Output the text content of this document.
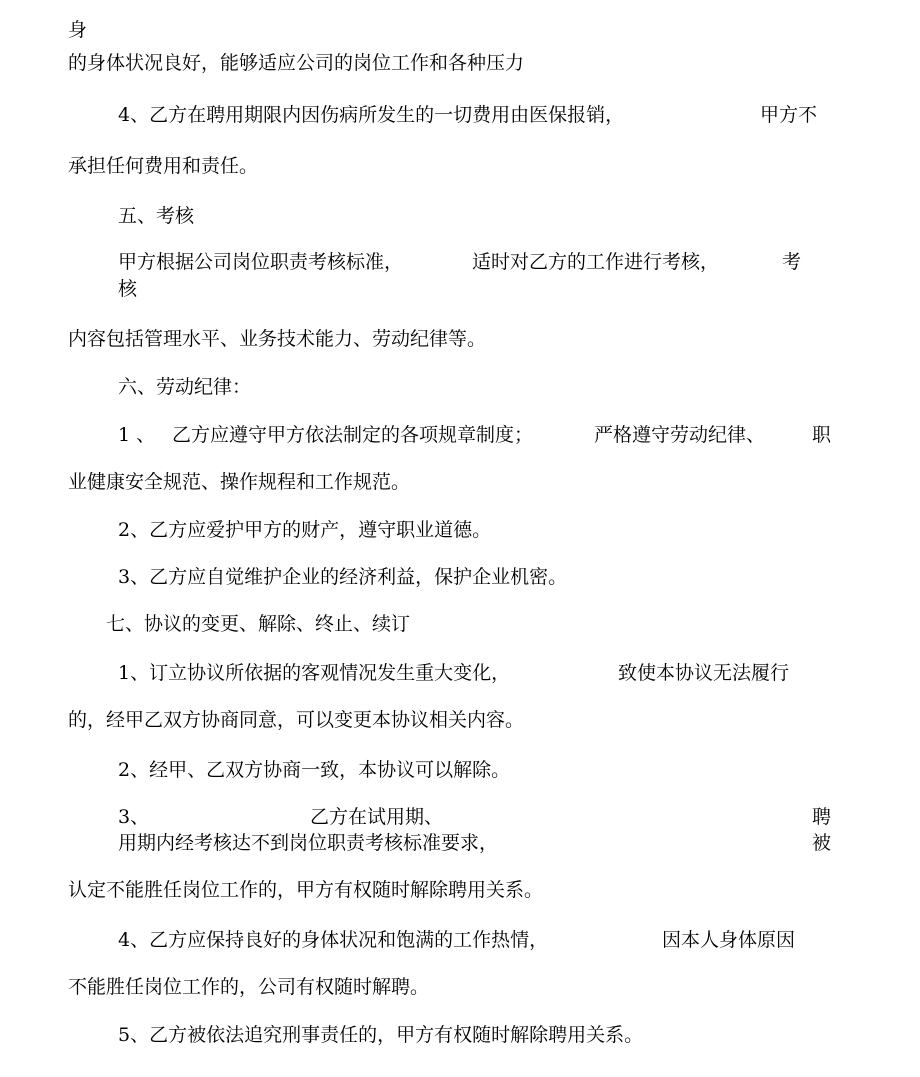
身
的身体状况良好，能够适应公司的岗位工作和各种压力
4、乙方在聘用期限内因伤病所发生的一切费用由医保报销，	甲方不
承担任何费用和责任。
五、考核
甲方根据公司岗位职责考核标准，	适时对乙方的工作进行考核，	考
核
内容包括管理水平、业务技术能力、劳动纪律等。
六、劳动纪律：
1 、 乙方应遵守甲方依法制定的各项规章制度；	严格遵守劳动纪律、 职
业健康安全规范、操作规程和工作规范。
2、乙方应爱护甲方的财产，遵守职业道德。
3、乙方应自觉维护企业的经济利益，保护企业机密。
七、协议的变更、解除、终止、续订
1、订立协议所依据的客观情况发生重大变化，	致使本协议无法履行
的，经甲乙双方协商同意，可以变更本协议相关内容。
2、经甲、乙双方协商一致，本协议可以解除。
3、	乙方在试用期、	聘
用期内经考核达不到岗位职责考核标准要求，	被
认定不能胜任岗位工作的，甲方有权随时解除聘用关系。
4、乙方应保持良好的身体状况和饱满的工作热情，	因本人身体原因
不能胜任岗位工作的，公司有权随时解聘。
5、乙方被依法追究刑事责任的，甲方有权随时解除聘用关系。
